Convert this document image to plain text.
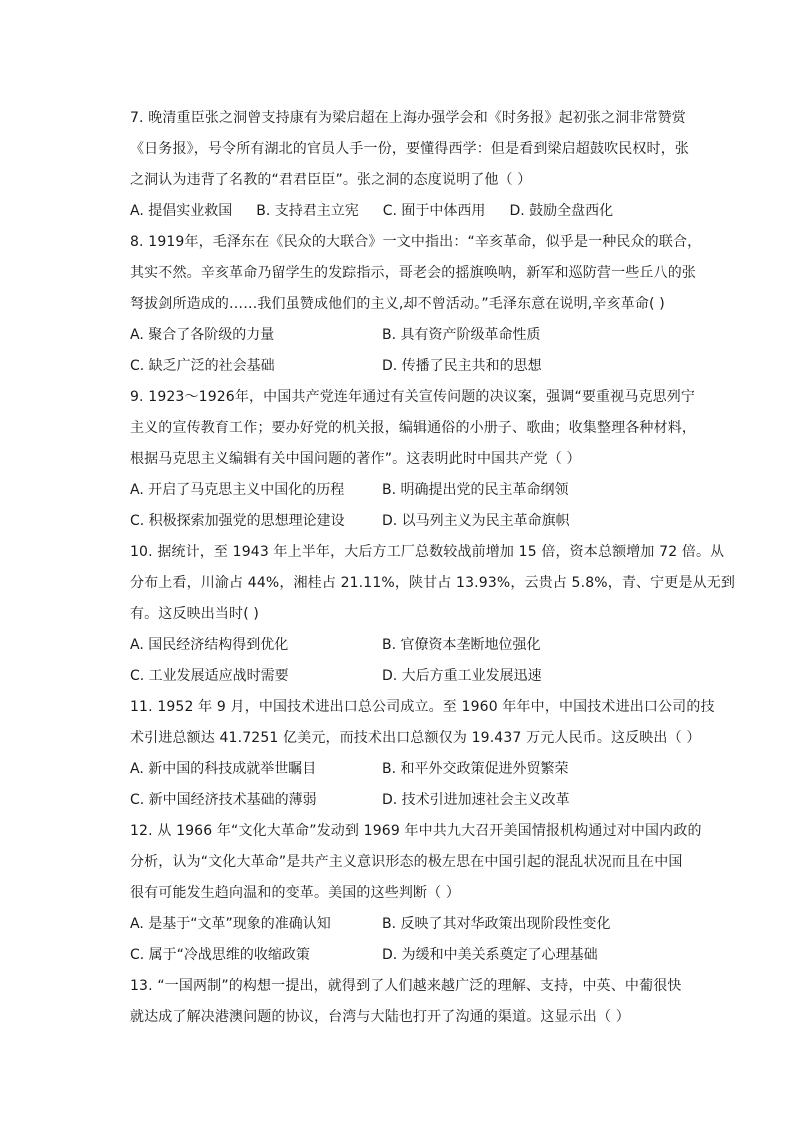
7. 晚清重臣张之洞曾支持康有为梁启超在上海办强学会和《时务报》起初张之洞非常赞赏
《日务报》，号令所有湖北的官员人手一份，要懂得西学：但是看到梁启超鼓吹民权时，张
之洞认为违背了名教的“君君臣臣”。张之洞的态度说明了他（ ）
A. 提倡实业救国 B. 支持君主立宪 C. 囿于中体西用 D. 鼓励全盘西化
8. 1919年，毛泽东在《民众的大联合》一文中指出：“辛亥革命，似乎是一种民众的联合，
其实不然。辛亥革命乃留学生的发踪指示，哥老会的摇旗唤呐，新军和巡防营一些丘八的张
弩拔剑所造成的……我们虽赞成他们的主义,却不曾活动。”毛泽东意在说明,辛亥革命( )
A. 聚合了各阶级的力量	B. 具有资产阶级革命性质
C. 缺乏广泛的社会基础	D. 传播了民主共和的思想
9. 1923～1926年，中国共产党连年通过有关宣传问题的决议案，强调“要重视马克思列宁
主义的宣传教育工作；要办好党的机关报，编辑通俗的小册子、歌曲；收集整理各种材料，
根据马克思主义编辑有关中国问题的著作”。这表明此时中国共产党（ ）
A. 开启了马克思主义中国化的历程	B. 明确提出党的民主革命纲领
C. 积极探索加强党的思想理论建设	D. 以马列主义为民主革命旗帜
10. 据统计，至 1943 年上半年，大后方工厂总数较战前增加 15 倍，资本总额增加 72 倍。从
分布上看，川渝占 44%，湘桂占 21.11%，陕甘占 13.93%，云贵占 5.8%，青、宁更是从无到
有。这反映出当时( )
A. 国民经济结构得到优化	B. 官僚资本垄断地位强化
C. 工业发展适应战时需要	D. 大后方重工业发展迅速
11. 1952 年 9 月，中国技术进出口总公司成立。至 1960 年年中，中国技术进出口公司的技
术引进总额达 41.7251 亿美元，而技术出口总额仅为 19.437 万元人民币。这反映出（ ）
A. 新中国的科技成就举世瞩目	B. 和平外交政策促进外贸繁荣
C. 新中国经济技术基础的薄弱	D. 技术引进加速社会主义改革
12. 从 1966 年“文化大革命”发动到 1969 年中共九大召开美国情报机构通过对中国内政的
分析，认为“文化大革命”是共产主义意识形态的极左思在中国引起的混乱状况而且在中国
很有可能发生趋向温和的变革。美国的这些判断（ ）
A. 是基于“文革”现象的准确认知	B. 反映了其对华政策出现阶段性变化
C. 属于“冷战思维的收缩政策	D. 为缓和中美关系奠定了心理基础
13. “一国两制”的构想一提出，就得到了人们越来越广泛的理解、支持，中英、中葡很快
就达成了解决港澳问题的协议，台湾与大陆也打开了沟通的渠道。这显示出（ ）
